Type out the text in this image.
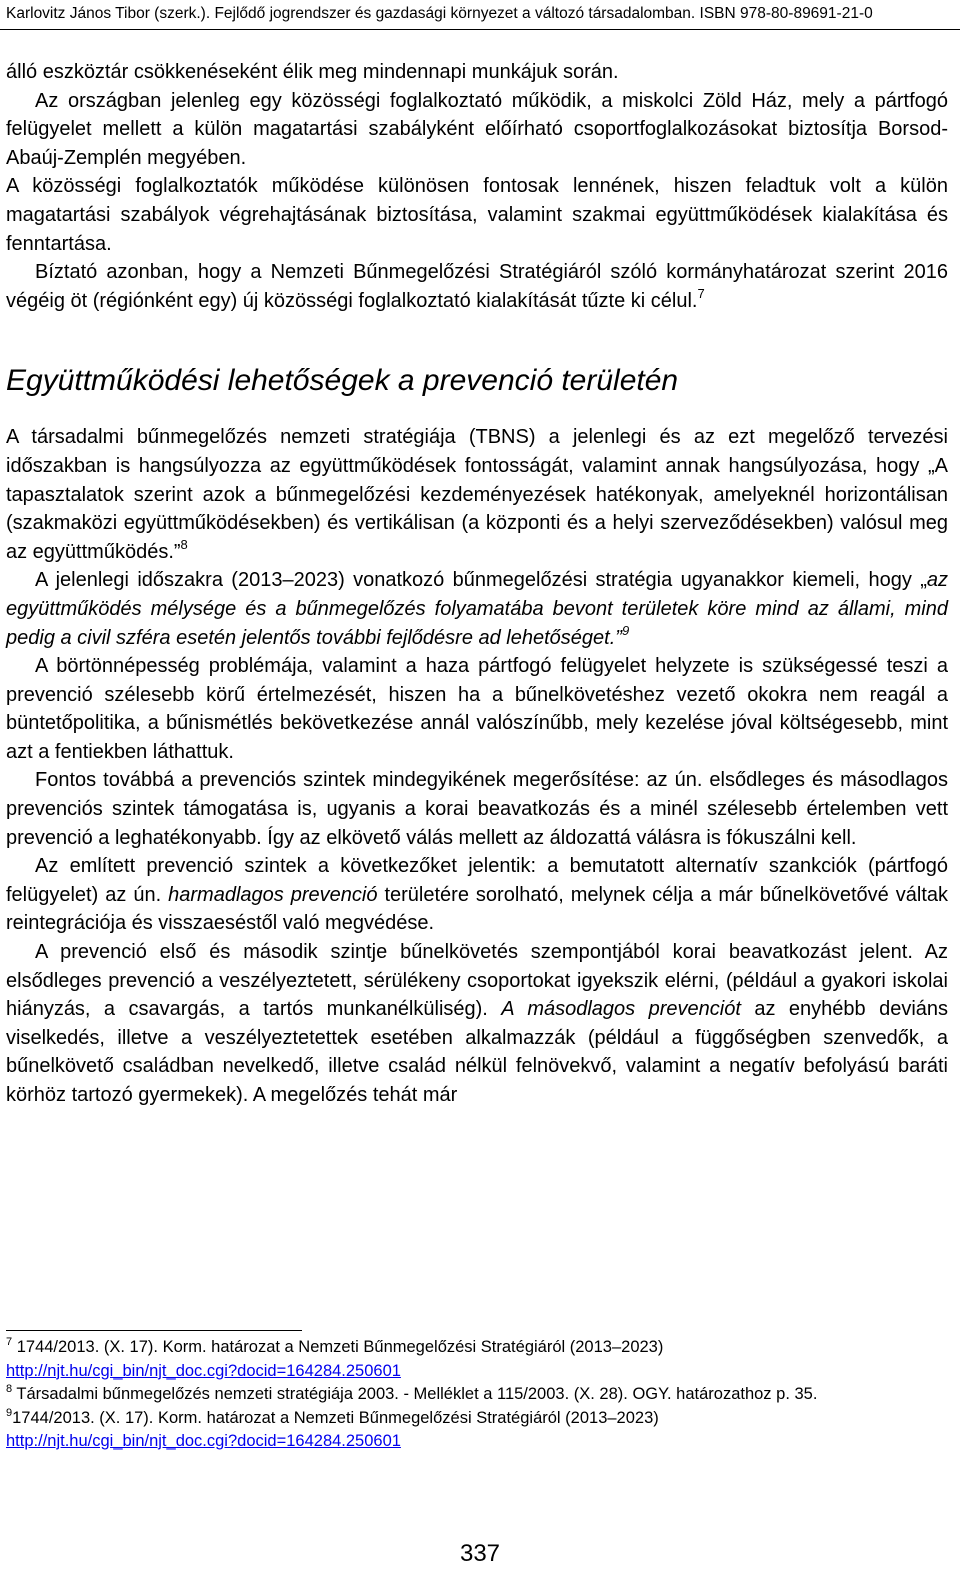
Karlovitz János Tibor (szerk.). Fejlődő jogrendszer és gazdasági környezet a változó társadalomban. ISBN 978-80-89691-21-0

álló eszköztár csökkenéseként élik meg mindennapi munkájuk során.

Az országban jelenleg egy közösségi foglalkoztató működik, a miskolci Zöld Ház, mely a pártfogó felügyelet mellett a külön magatartási szabályként előírható csoportfoglalkozásokat biztosítja Borsod-Abaúj-Zemplén megyében.

A közösségi foglalkoztatók működése különösen fontosak lennének, hiszen feladtuk volt a külön magatartási szabályok végrehajtásának biztosítása, valamint szakmai együttműködések kialakítása és fenntartása.

Bíztató azonban, hogy a Nemzeti Bűnmegelőzési Stratégiáról szóló kormányhatározat szerint 2016 végéig öt (régiónként egy) új közösségi foglalkoztató kialakítását tűzte ki célul.$^7$

Együttműködési lehetőségek a prevenció területén

A társadalmi bűnmegelőzés nemzeti stratégiája (TBNS) a jelenlegi és az ezt megelőző tervezési időszakban is hangsúlyozza az együttműködések fontosságát, valamint annak hangsúlyozása, hogy „A tapasztalatok szerint azok a bűnmegelőzési kezdeményezések hatékonyak, amelyeknél horizontálisan (szakmaközi együttműködésekben) és vertikálisan (a központi és a helyi szerveződésekben) valósul meg az együttműködés.”$^8$

A jelenlegi időszakra (2013–2023) vonatkozó bűnmegelőzési stratégia ugyanakkor kiemeli, hogy „az együttműködés mélysége és a bűnmegelőzés folyamatába bevont területek köre mind az állami, mind pedig a civil szféra esetén jelentős további fejlődésre ad lehetőséget.”$^9$

A börtönnépesség problémája, valamint a haza pártfogó felügyelet helyzete is szükségessé teszi a prevenció szélesebb körű értelmezését, hiszen ha a bűnelkövetéshez vezető okokra nem reagál a büntetőpolitika, a bűnismétlés bekövetkezése annál valószínűbb, mely kezelése jóval költségesebb, mint azt a fentiekben láthattuk.

Fontos továbbá a prevenciós szintek mindegyikének megerősítése: az ún. elsődleges és másodlagos prevenciós szintek támogatása is, ugyanis a korai beavatkozás és a minél szélesebb értelemben vett prevenció a leghatékonyabb. Így az elkövető válás mellett az áldozattá válásra is fókuszálni kell.

Az említett prevenció szintek a következőket jelentik: a bemutatott alternatív szankciók (pártfogó felügyelet) az ún. harmadlagos prevenció területére sorolható, melynek célja a már bűnelkövetővé váltak reintegrációja és visszaeséstől való megvédése.

A prevenció első és második szintje bűnelkövetés szempontjából korai beavatkozást jelent. Az elsődleges prevenció a veszélyeztetett, sérülékeny csoportokat igyekszik elérni, (például a gyakori iskolai hiányzás, a csavargás, a tartós munkanélküliség). A másodlagos prevenciót az enyhébb deviáns viselkedés, illetve a veszélyeztetettek esetében alkalmazzák (például a függőségben szenvedők, a bűnelkövető családban nevelkedő, illetve család nélkül felnövekvő, valamint a negatív befolyású baráti körhöz tartozó gyermekek). A megelőzés tehát már

$^7$ 1744/2013. (X. 17). Korm. határozat a Nemzeti Bűnmegelőzési Stratégiáról (2013–2023)
http://njt.hu/cgi_bin/njt_doc.cgi?docid=164284.250601

$^8$ Társadalmi bűnmegelőzés nemzeti stratégiája 2003. - Melléklet a 115/2003. (X. 28). OGY. határozathoz p. 35.

$^9$1744/2013. (X. 17). Korm. határozat a Nemzeti Bűnmegelőzési Stratégiáról (2013–2023)
http://njt.hu/cgi_bin/njt_doc.cgi?docid=164284.250601

337
